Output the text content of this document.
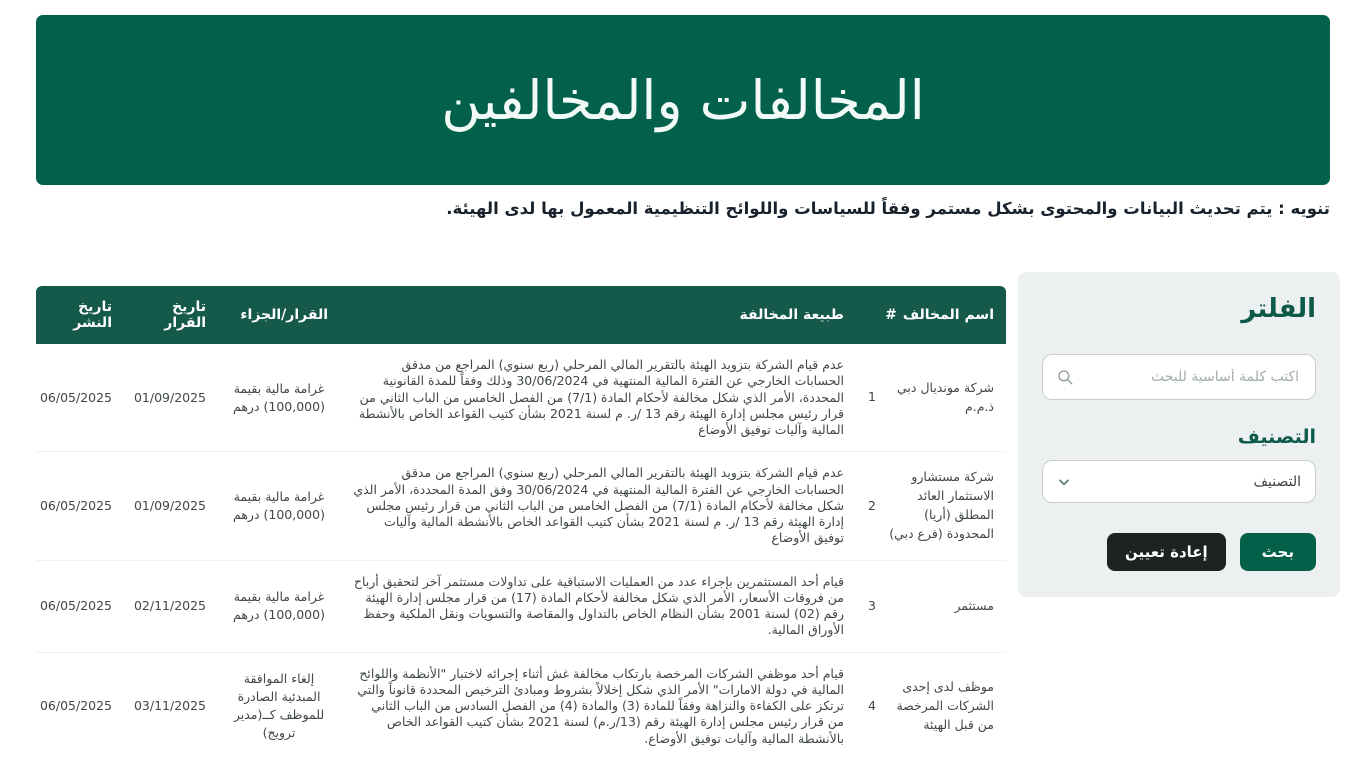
المخالفات والمخالفين

تنويه : يتم تحديث البيانات والمحتوى بشكل مستمر وفقاً للسياسات واللوائح التنظيمية المعمول بها لدى الهيئة.

الفلتر
اكتب كلمة أساسية للبحث
التصنيف
التصنيف
بحث
إعادة تعيين
اسم المخالف
#	طبيعة المخالفة	القرار/الجزاء	تاريخ القرار	تاريخ النشر

شركة مونديال دبي ذ.م.م
1	عدم قيام الشركة بتزويد الهيئة بالتقرير المالي المرحلي (ربع سنوي) المراجع من مدقق الحسابات الخارجي عن الفترة المالية المنتهية في 30/06/2024 وذلك وفقاً للمدة القانونية المحددة، الأمر الذي شكل مخالفة لأحكام المادة (7/1) من الفصل الخامس من الباب الثاني من قرار رئيس مجلس إدارة الهيئة رقم 13 /ر. م لسنة 2021 بشأن كتيب القواعد الخاص بالأنشطة المالية وآليات توفيق الأوضاع	غرامة مالية بقيمة (100,000) درهم	01/09/2025	06/05/2025

شركة مستشارو الاستثمار العائد المطلق (أريا) المحدودة (فرع دبي)
2	عدم قيام الشركة بتزويد الهيئة بالتقرير المالي المرحلي (ربع سنوي) المراجع من مدقق الحسابات الخارجي عن الفترة المالية المنتهية في 30/06/2024 وفق المدة المحددة، الأمر الذي شكل مخالفة لأحكام المادة (7/1) من الفصل الخامس من الباب الثاني من قرار رئيس مجلس إدارة الهيئة رقم 13 /ر. م لسنة 2021 بشأن كتيب القواعد الخاص بالأنشطة المالية وآليات توفيق الأوضاع	غرامة مالية بقيمة (100,000) درهم	01/09/2025	06/05/2025

مستثمر
3	قيام أحد المستثمرين بإجراء عدد من العمليات الاستباقية على تداولات مستثمر آخر لتحقيق أرباح من فروقات الأسعار، الأمر الذي شكل مخالفة لأحكام المادة (17) من قرار مجلس إدارة الهيئة رقم (02) لسنة 2001 بشأن النظام الخاص بالتداول والمقاصة والتسويات ونقل الملكية وحفظ الأوراق المالية.	غرامة مالية بقيمة (100,000) درهم	02/11/2025	06/05/2025

موظف لدى إحدى الشركات المرخصة من قبل الهيئة
4	قيام أحد موظفي الشركات المرخصة بارتكاب مخالفة غش أثناء إجرائه لاختبار "الأنظمة واللوائح المالية في دولة الامارات" الأمر الذي شكل إخلالاً بشروط ومبادئ الترخيص المحددة قانوناً والتي ترتكز على الكفاءة والنزاهة وفقاً للمادة (3) والمادة (4) من الفصل السادس من الباب الثاني من قرار رئيس مجلس إدارة الهيئة رقم (13/ر.م) لسنة 2021 بشأن كتيب القواعد الخاص بالأنشطة المالية وآليات توفيق الأوضاع.	إلغاء الموافقة المبدئية الصادرة للموظف كــ(مدير ترويج)	03/11/2025	06/05/2025
